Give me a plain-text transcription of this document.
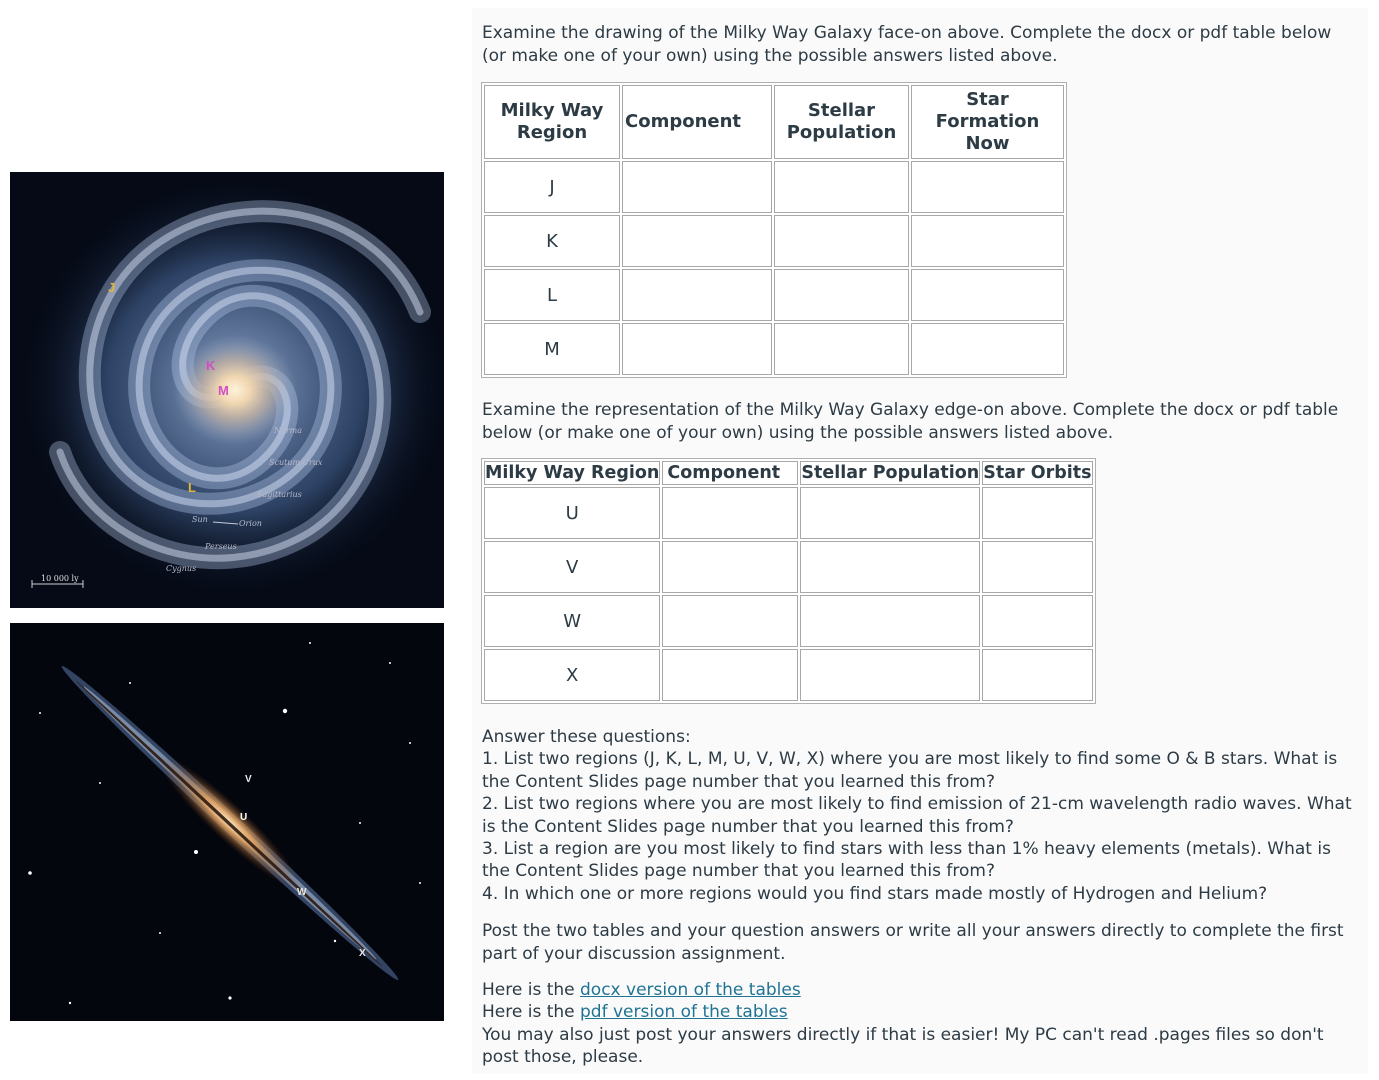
J
K
M
L
Norma
Scutum-Crux
Sagittarius
Sun	Orion
Perseus
Cygnus
10 000 ly
V
U
W
X

Examine the drawing of the Milky Way Galaxy face-on above. Complete the docx or pdf table below (or make one of your own) using the possible answers listed above.

Milky Way Region	Component	Stellar Population	Star Formation Now
J			
K			
L			
M			

Examine the representation of the Milky Way Galaxy edge-on above. Complete the docx or pdf table below (or make one of your own) using the possible answers listed above.

Milky Way Region	Component	Stellar Population	Star Orbits
U			
V			
W			
X			
Answer these questions:
1. List two regions (J, K, L, M, U, V, W, X) where you are most likely to find some O & B stars. What is the Content Slides page number that you learned this from?
2. List two regions where you are most likely to find emission of 21-cm wavelength radio waves. What is the Content Slides page number that you learned this from?
3. List a region are you most likely to find stars with less than 1% heavy elements (metals). What is the Content Slides page number that you learned this from?
4. In which one or more regions would you find stars made mostly of Hydrogen and Helium?

Post the two tables and your question answers or write all your answers directly to complete the first part of your discussion assignment.

Here is the docx version of the tables
Here is the pdf version of the tables
You may also just post your answers directly if that is easier! My PC can't read .pages files so don't post those, please.
